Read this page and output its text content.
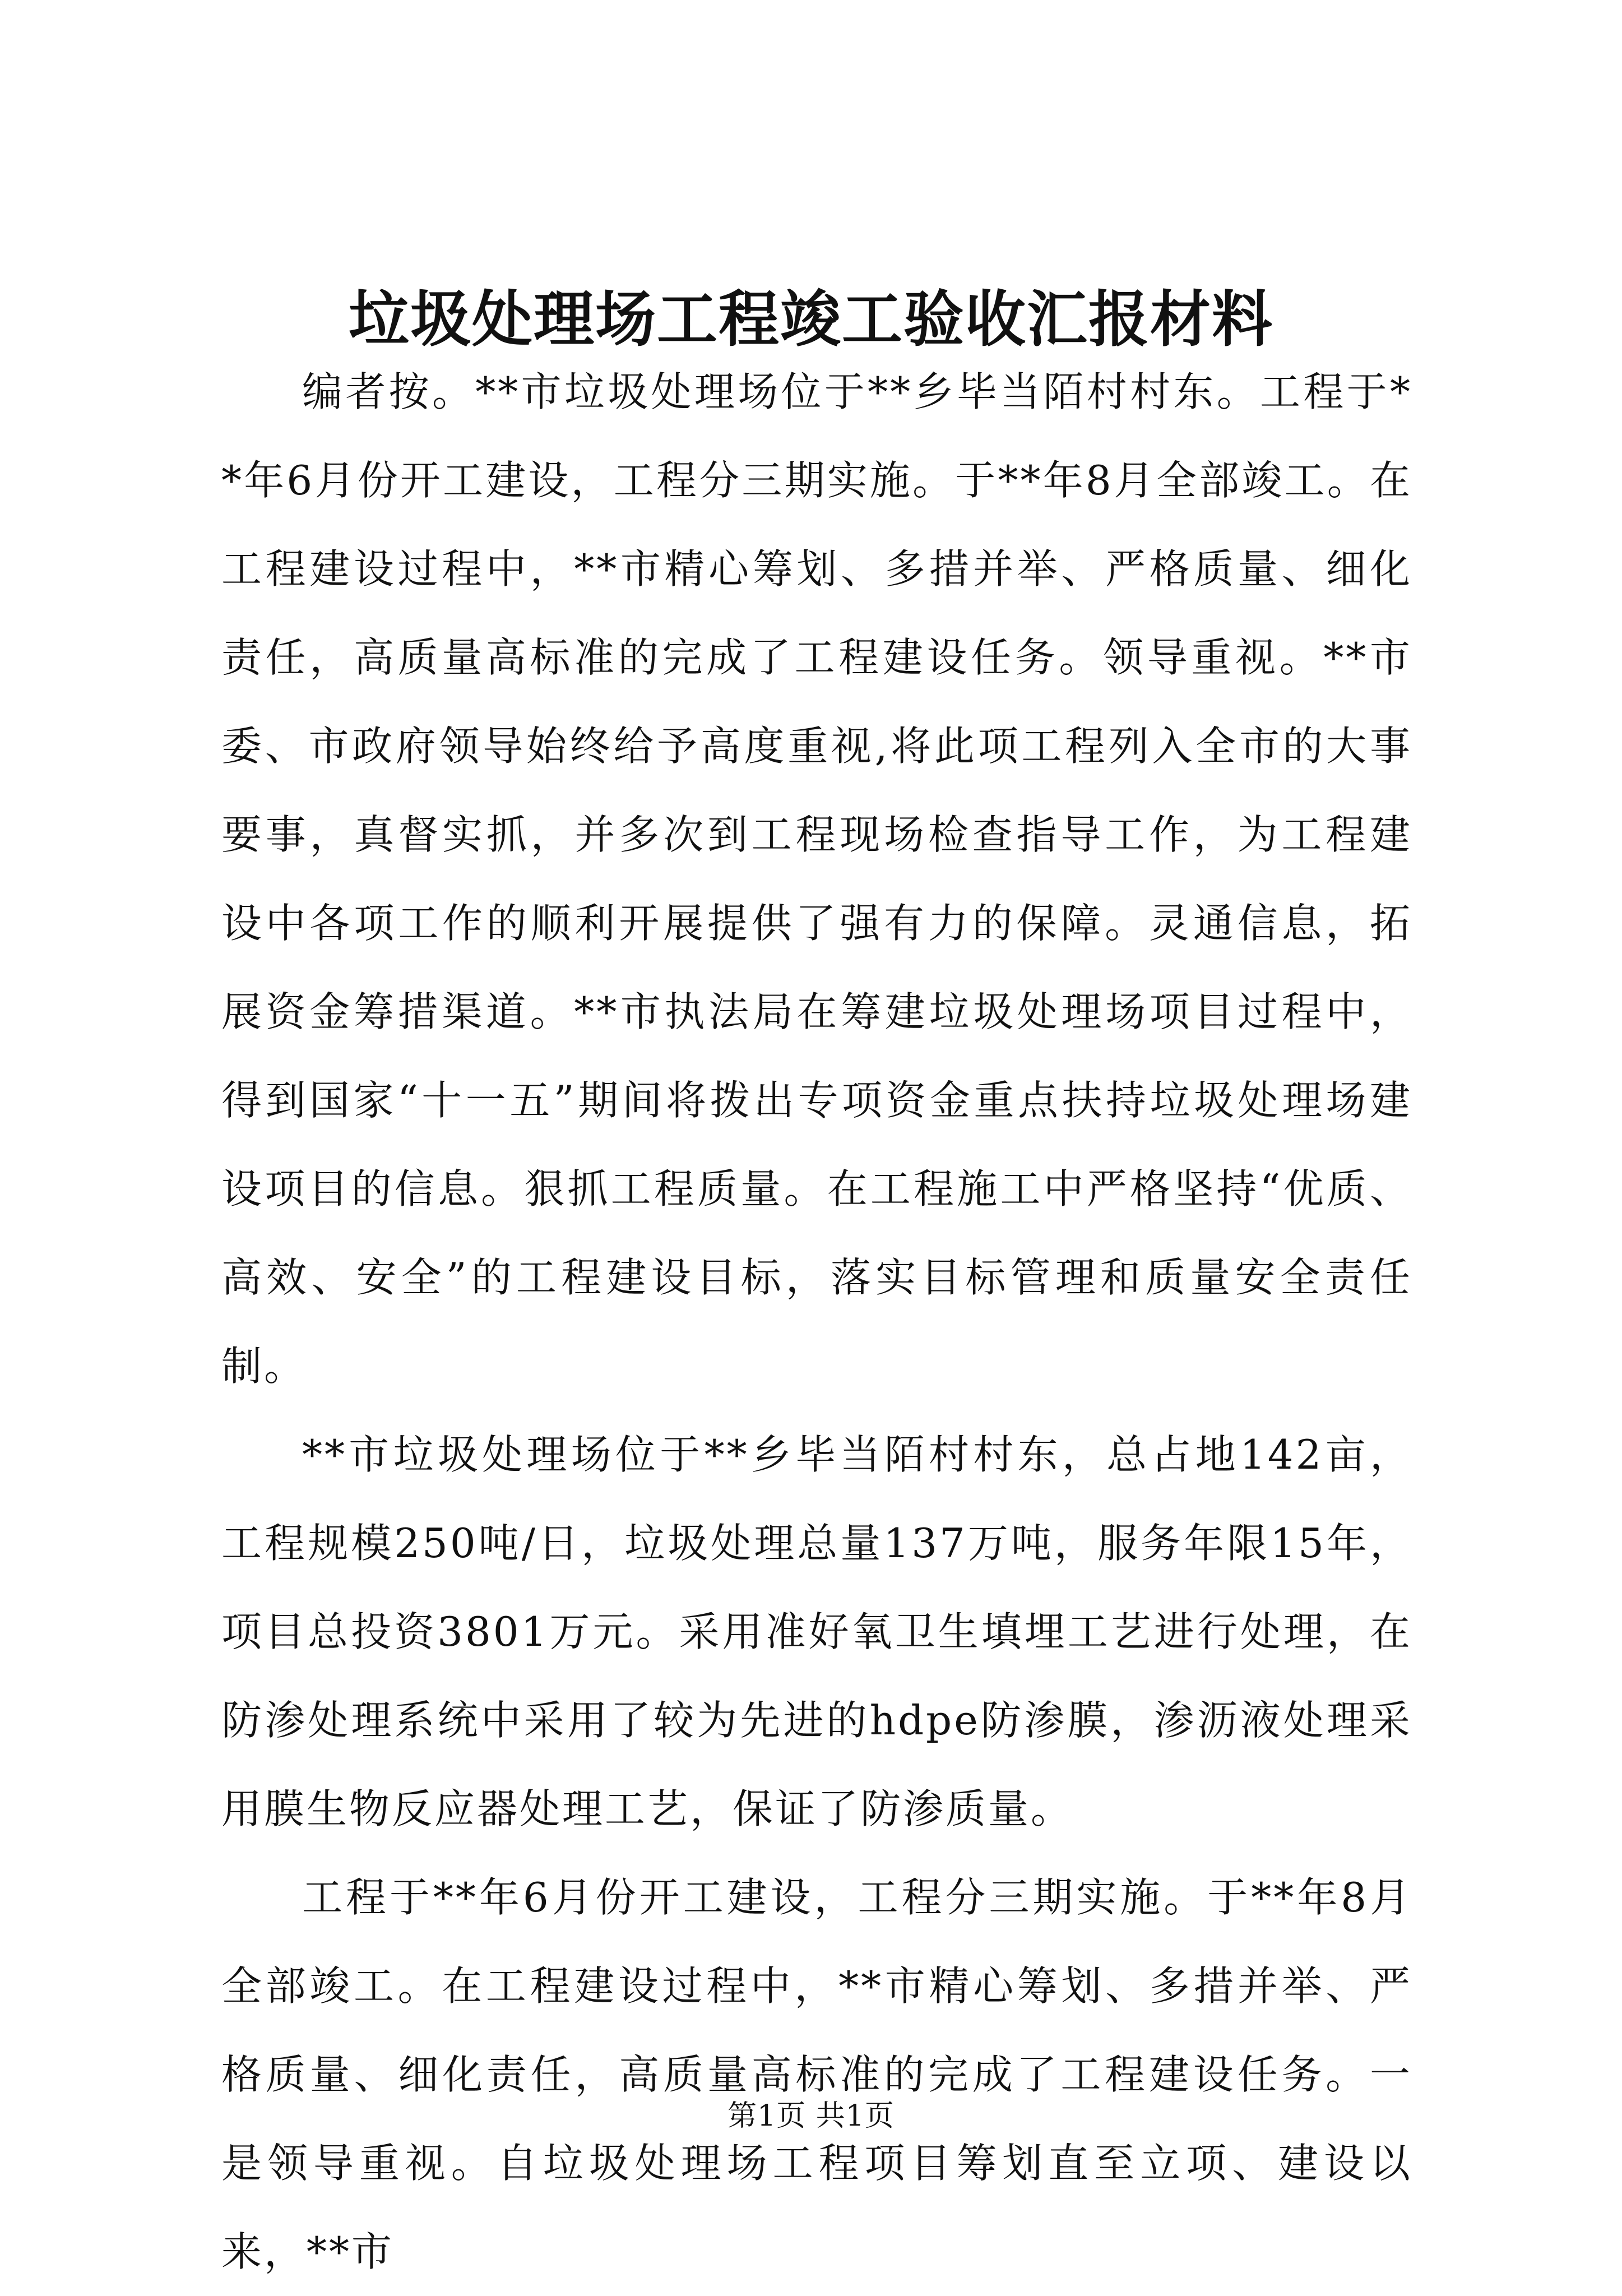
垃圾处理场工程竣工验收汇报材料

编者按。**市垃圾处理场位于**乡毕当陌村村东。工程于**年6月份开工建设，工程分三期实施。于**年8月全部竣工。在工程建设过程中，**市精心筹划、多措并举、严格质量、细化责任，高质量高标准的完成了工程建设任务。领导重视。**市委、市政府领导始终给予高度重视,将此项工程列入全市的大事要事，真督实抓，并多次到工程现场检查指导工作，为工程建设中各项工作的顺利开展提供了强有力的保障。灵通信息，拓展资金筹措渠道。**市执法局在筹建垃圾处理场项目过程中，得到国家“十一五”期间将拨出专项资金重点扶持垃圾处理场建设项目的信息。狠抓工程质量。在工程施工中严格坚持“优质、高效、安全”的工程建设目标，落实目标管理和质量安全责任制。

**市垃圾处理场位于**乡毕当陌村村东，总占地142亩，工程规模250吨/日，垃圾处理总量137万吨，服务年限15年，项目总投资3801万元。采用准好氧卫生填埋工艺进行处理，在防渗处理系统中采用了较为先进的hdpe防渗膜，渗沥液处理采用膜生物反应器处理工艺，保证了防渗质量。

工程于**年6月份开工建设，工程分三期实施。于**年8月全部竣工。在工程建设过程中，**市精心筹划、多措并举、严格质量、细化责任，高质量高标准的完成了工程建设任务。一是领导重视。自垃圾处理场工程项目筹划直至立项、建设以来，**市

第1页 共1页
